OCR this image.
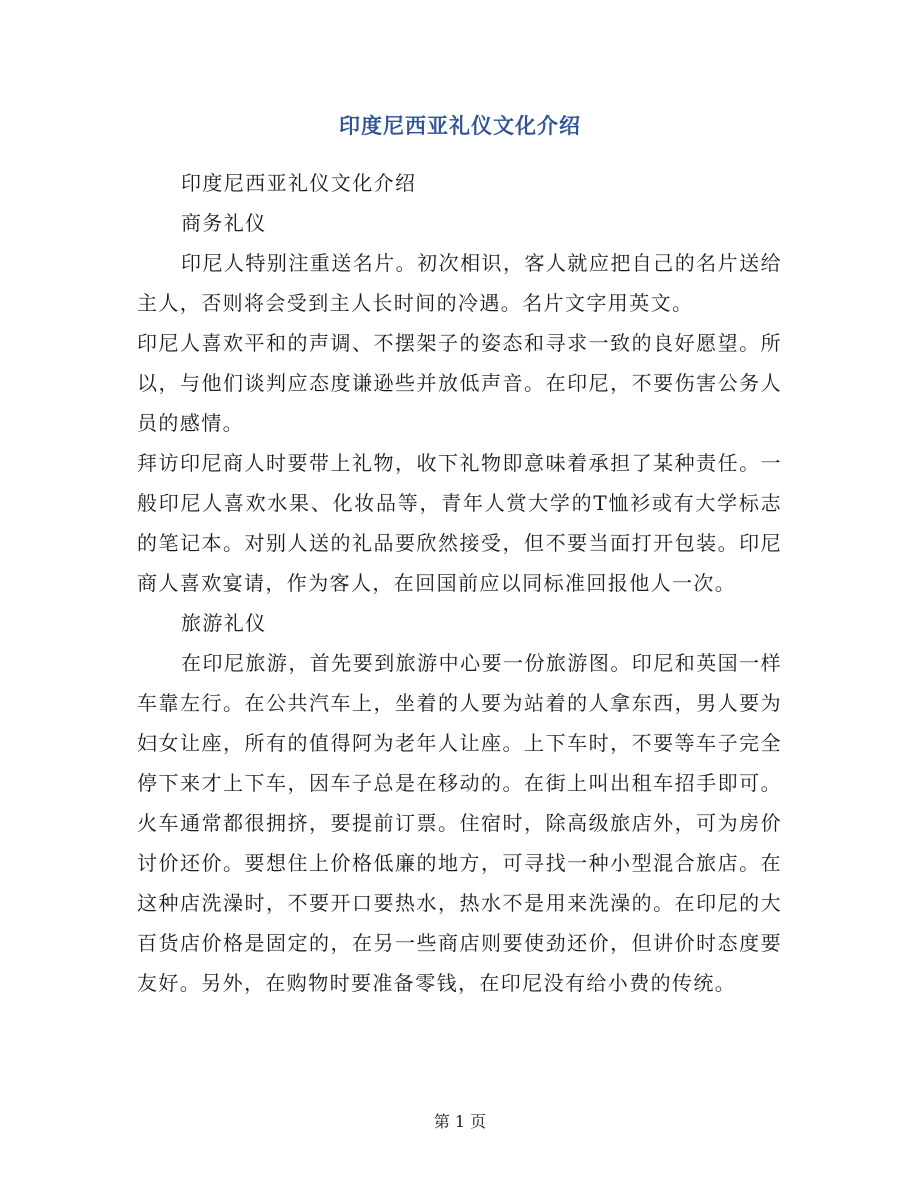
印度尼西亚礼仪文化介绍

印度尼西亚礼仪文化介绍

商务礼仪

印尼人特别注重送名片。初次相识，客人就应把自己的名片送给主人，否则将会受到主人长时间的冷遇。名片文字用英文。

印尼人喜欢平和的声调、不摆架子的姿态和寻求一致的良好愿望。所以，与他们谈判应态度谦逊些并放低声音。在印尼，不要伤害公务人员的感情。

拜访印尼商人时要带上礼物，收下礼物即意味着承担了某种责任。一般印尼人喜欢水果、化妆品等，青年人赏大学的T恤衫或有大学标志的笔记本。对别人送的礼品要欣然接受，但不要当面打开包装。印尼商人喜欢宴请，作为客人，在回国前应以同标准回报他人一次。

旅游礼仪

在印尼旅游，首先要到旅游中心要一份旅游图。印尼和英国一样车靠左行。在公共汽车上，坐着的人要为站着的人拿东西，男人要为妇女让座，所有的值得阿为老年人让座。上下车时，不要等车子完全停下来才上下车，因车子总是在移动的。在街上叫出租车招手即可。火车通常都很拥挤，要提前订票。住宿时，除高级旅店外，可为房价讨价还价。要想住上价格低廉的地方，可寻找一种小型混合旅店。在这种店洗澡时，不要开口要热水，热水不是用来洗澡的。在印尼的大百货店价格是固定的，在另一些商店则要使劲还价，但讲价时态度要友好。另外，在购物时要准备零钱，在印尼没有给小费的传统。

第 1 页
